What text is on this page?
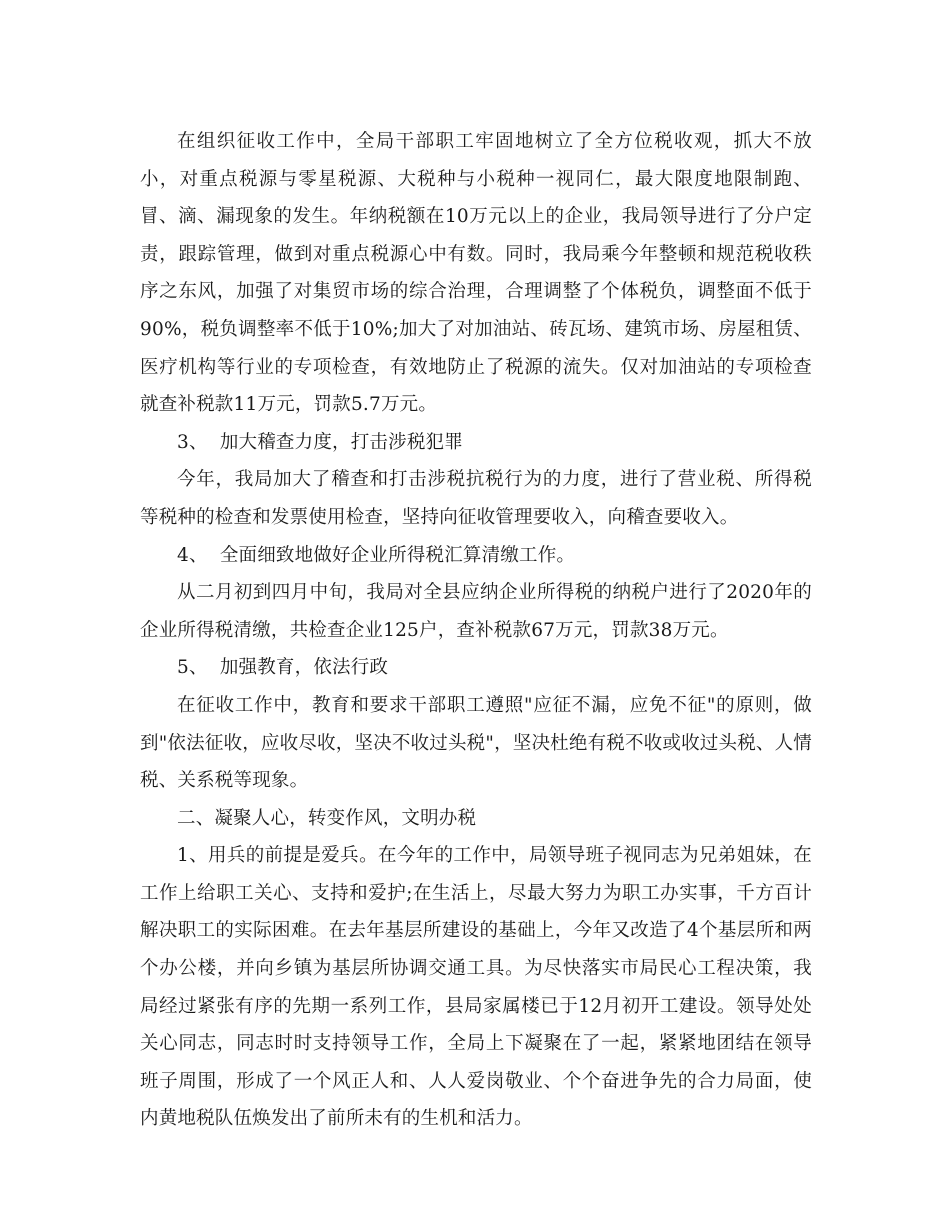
在组织征收工作中，全局干部职工牢固地树立了全方位税收观，抓大不放小，对重点税源与零星税源、大税种与小税种一视同仁，最大限度地限制跑、冒、滴、漏现象的发生。年纳税额在10万元以上的企业，我局领导进行了分户定责，跟踪管理，做到对重点税源心中有数。同时，我局乘今年整顿和规范税收秩序之东风，加强了对集贸市场的综合治理，合理调整了个体税负，调整面不低于90%，税负调整率不低于10%;加大了对加油站、砖瓦场、建筑市场、房屋租赁、医疗机构等行业的专项检查，有效地防止了税源的流失。仅对加油站的专项检查就查补税款11万元，罚款5.7万元。

3、  加大稽查力度，打击涉税犯罪

今年，我局加大了稽查和打击涉税抗税行为的力度，进行了营业税、所得税等税种的检查和发票使用检查，坚持向征收管理要收入，向稽查要收入。

4、  全面细致地做好企业所得税汇算清缴工作。

从二月初到四月中旬，我局对全县应纳企业所得税的纳税户进行了2020年的企业所得税清缴，共检查企业125户，查补税款67万元，罚款38万元。

5、  加强教育，依法行政

在征收工作中，教育和要求干部职工遵照"应征不漏，应免不征"的原则，做到"依法征收，应收尽收，坚决不收过头税"，坚决杜绝有税不收或收过头税、人情税、关系税等现象。

二、凝聚人心，转变作风，文明办税

1、用兵的前提是爱兵。在今年的工作中，局领导班子视同志为兄弟姐妹，在工作上给职工关心、支持和爱护;在生活上，尽最大努力为职工办实事，千方百计解决职工的实际困难。在去年基层所建设的基础上，今年又改造了4个基层所和两个办公楼，并向乡镇为基层所协调交通工具。为尽快落实市局民心工程决策，我局经过紧张有序的先期一系列工作，县局家属楼已于12月初开工建设。领导处处关心同志，同志时时支持领导工作，全局上下凝聚在了一起，紧紧地团结在领导班子周围，形成了一个风正人和、人人爱岗敬业、个个奋进争先的合力局面，使内黄地税队伍焕发出了前所未有的生机和活力。
